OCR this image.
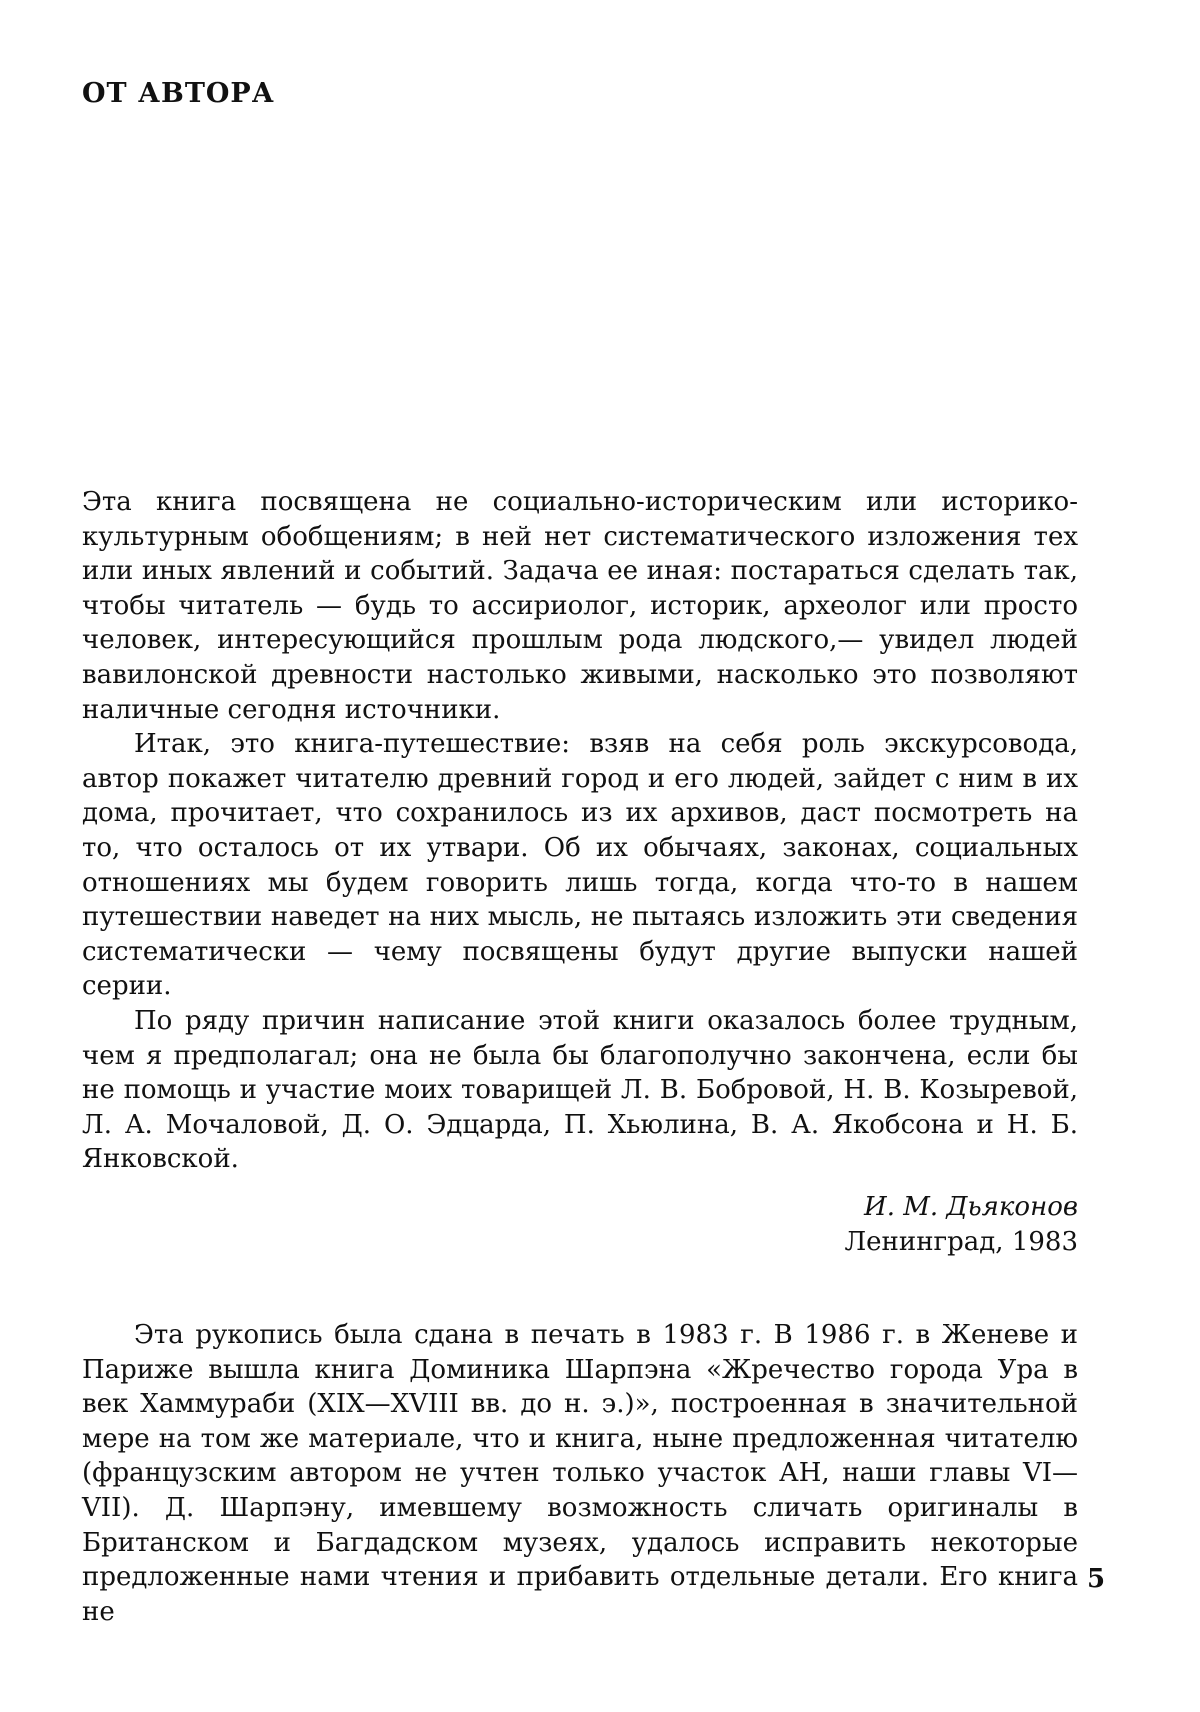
ОТ АВТОРА

Эта книга посвящена не социально-историческим или историко-культурным обобщениям; в ней нет систематического изложения тех или иных явлений и событий. Задача ее иная: постараться сделать так, чтобы читатель — будь то ассириолог, историк, археолог или просто человек, интересующийся прошлым рода людского,— увидел людей вавилонской древности настолько живыми, насколько это позволяют наличные сегодня источники.

Итак, это книга-путешествие: взяв на себя роль экскурсовода, автор покажет читателю древний город и его людей, зайдет с ним в их дома, прочитает, что сохранилось из их архивов, даст посмотреть на то, что осталось от их утвари. Об их обычаях, законах, социальных отношениях мы будем говорить лишь тогда, когда что-то в нашем путешествии наведет на них мысль, не пытаясь изложить эти сведения систематически — чему посвящены будут другие выпуски нашей серии.

По ряду причин написание этой книги оказалось более трудным, чем я предполагал; она не была бы благополучно закончена, если бы не помощь и участие моих товарищей Л. В. Бобровой, Н. В. Козыревой, Л. А. Мочаловой, Д. О. Эдцарда, П. Хьюлина, В. А. Якобсона и Н. Б. Янковской.

И. М. Дьяконов
Ленинград, 1983

Эта рукопись была сдана в печать в 1983 г. В 1986 г. в Женеве и Париже вышла книга Доминика Шарпэна «Жречество города Ура в век Хаммураби (XIX—XVIII вв. до н. э.)», построенная в значительной мере на том же материале, что и книга, ныне предложенная читателю (французским автором не учтен только участок АН, наши главы VI—VII). Д. Шарпэну, имевшему возможность сличать оригиналы в Британском и Багдадском музеях, удалось исправить некоторые предложенные нами чтения и прибавить отдельные детали. Его книга не

5
